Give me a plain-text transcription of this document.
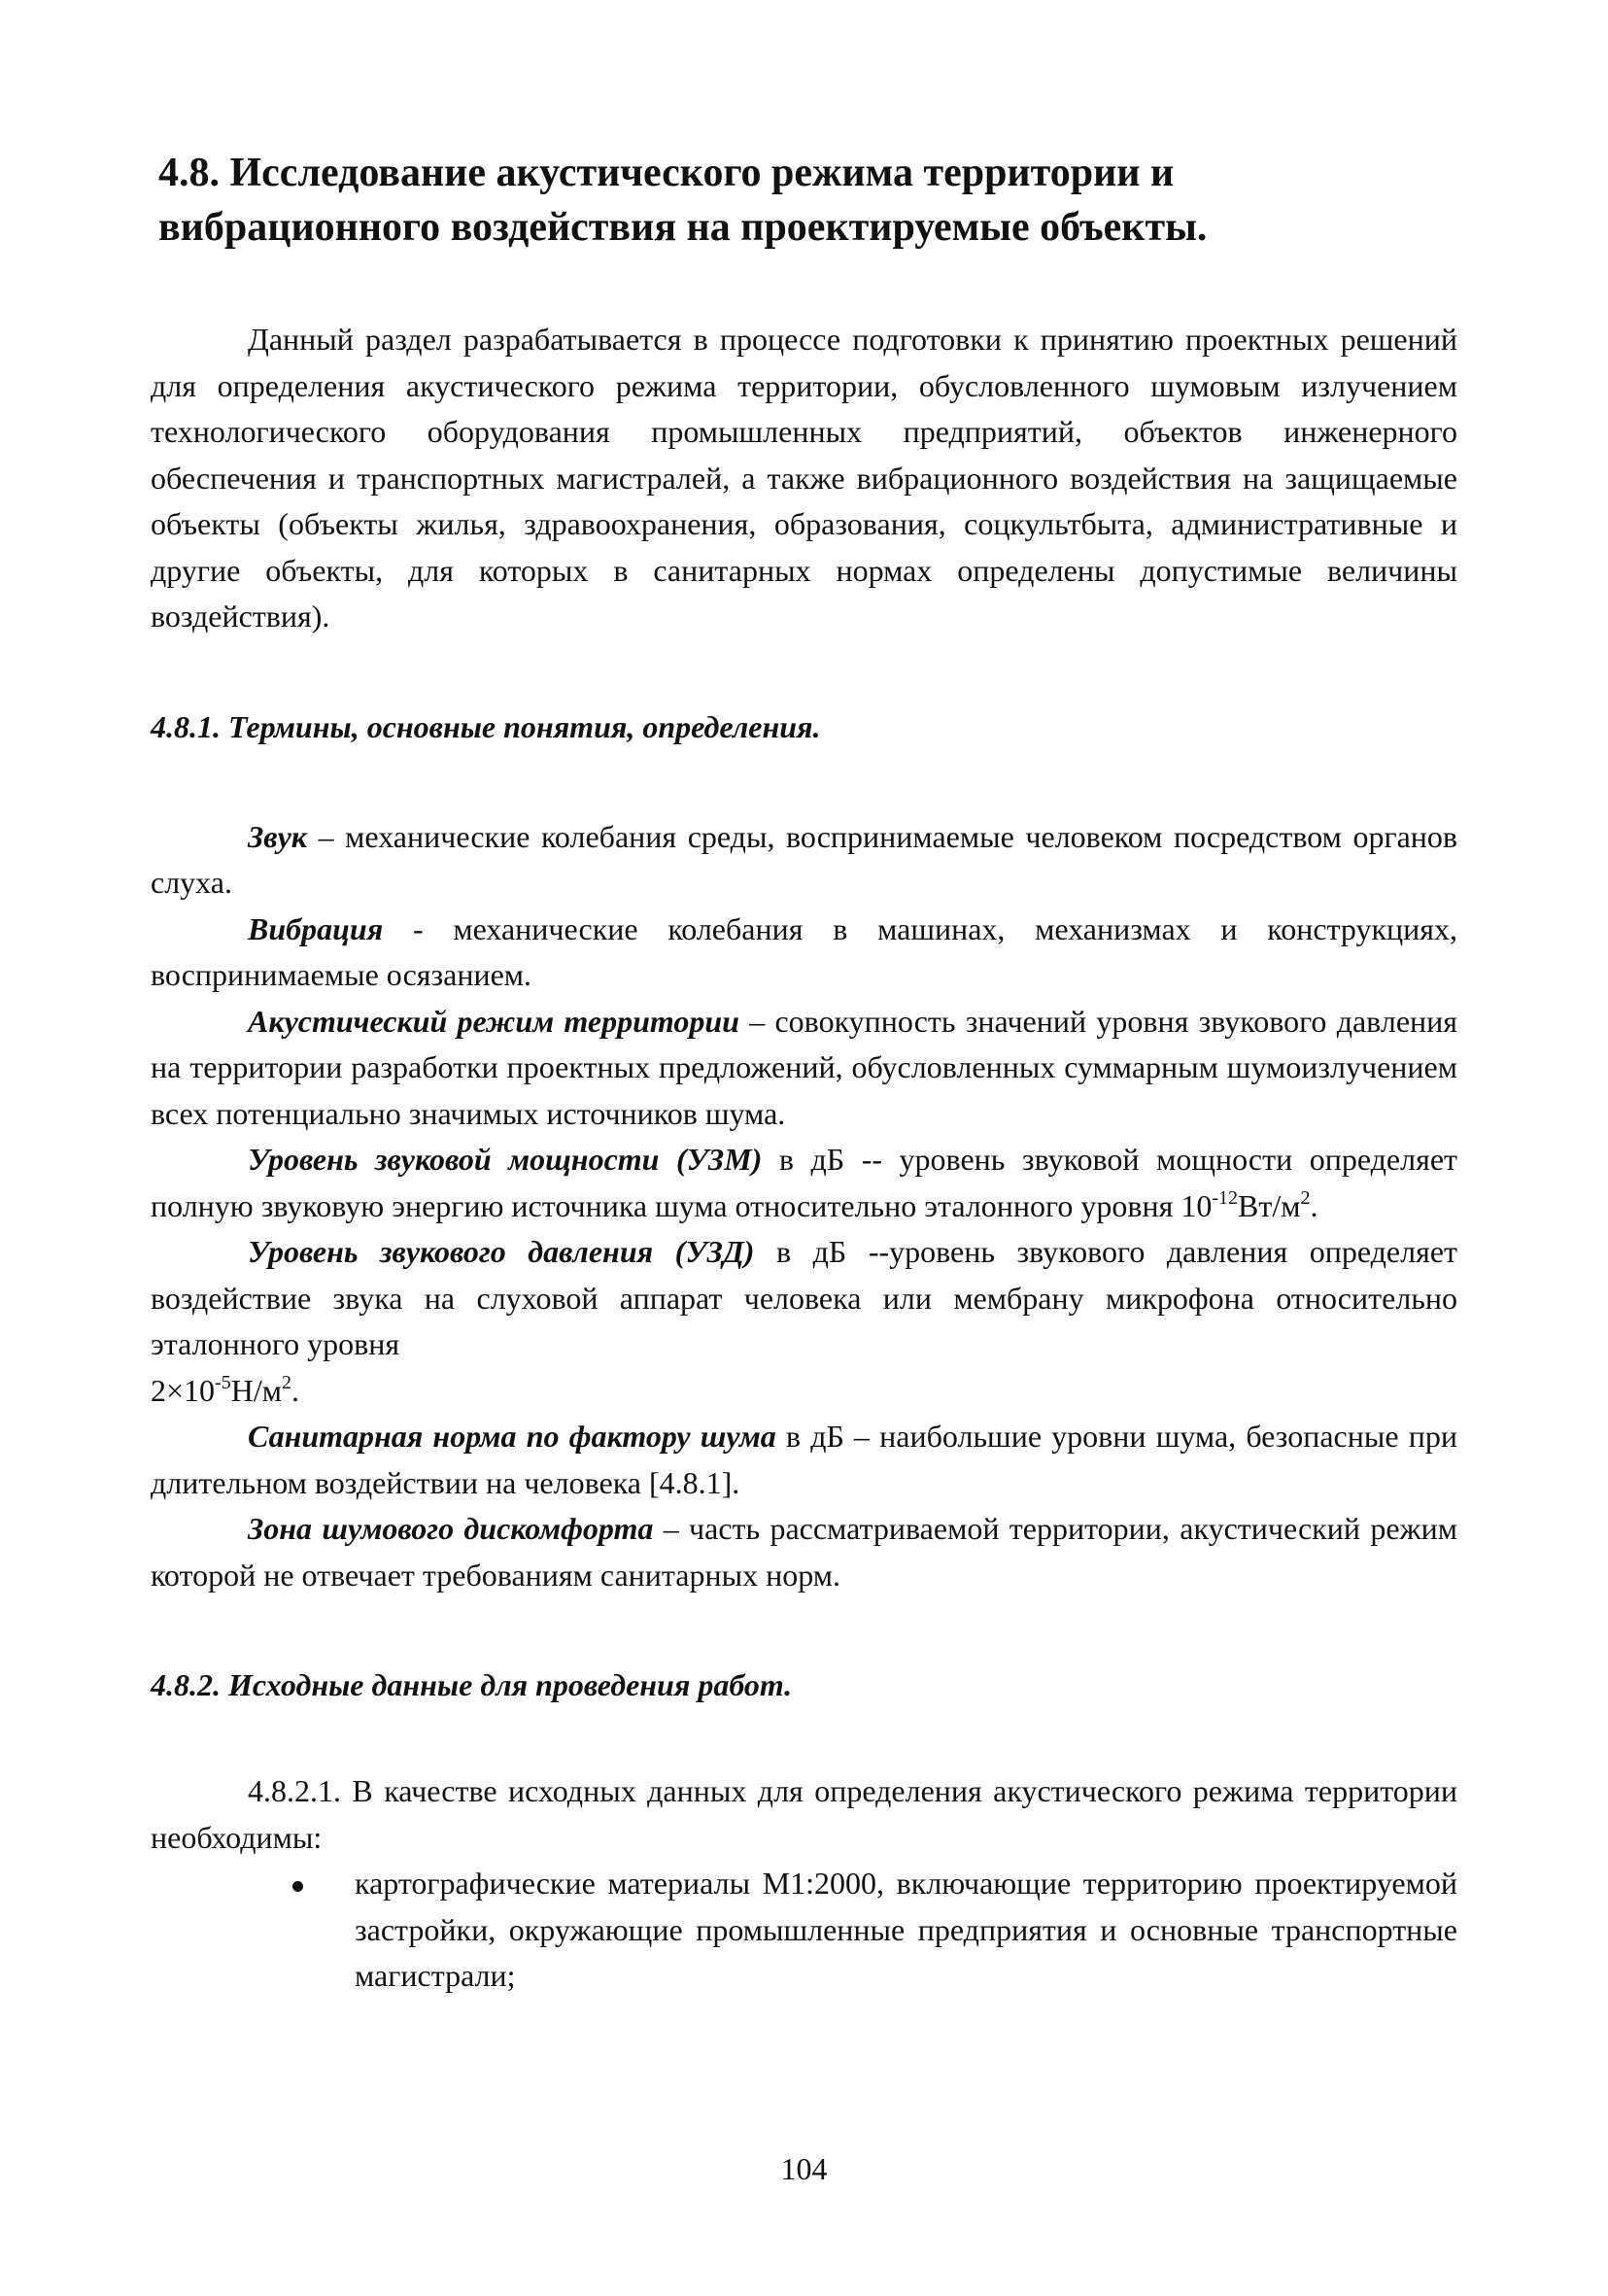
4.8. Исследование акустического режима территории и
вибрационного воздействия на проектируемые объекты.

Данный раздел разрабатывается в процессе подготовки к принятию проектных решений для определения акустического режима территории, обусловленного шумовым излучением технологического оборудования промышленных предприятий, объектов инженерного обеспечения и транспортных магистралей, а также вибрационного воздействия на защищаемые объекты (объекты жилья, здравоохранения, образования, соцкультбыта, административные и другие объекты, для которых в санитарных нормах определены допустимые величины воздействия).

4.8.1. Термины, основные понятия, определения.

Звук – механические колебания среды, воспринимаемые человеком посредством органов слуха.

Вибрация - механические колебания в машинах, механизмах и конструкциях, воспринимаемые осязанием.

Акустический режим территории – совокупность значений уровня звукового давления на территории разработки проектных предложений, обусловленных суммарным шумоизлучением всех потенциально значимых источников шума.

Уровень звуковой мощности (УЗМ) в дБ -- уровень звуковой мощности определяет полную звуковую энергию источника шума относительно эталонного уровня $10^{-12}Вт/м^2$.

Уровень звукового давления (УЗД) в дБ --уровень звукового давления определяет воздействие звука на слуховой аппарат человека или мембрану микрофона относительно эталонного уровня

$2\times 10^{-5}Н/м^2$.

Санитарная норма по фактору шума в дБ – наибольшие уровни шума, безопасные при длительном воздействии на человека [4.8.1].

Зона шумового дискомфорта – часть рассматриваемой территории, акустический режим которой не отвечает требованиям санитарных норм.

4.8.2. Исходные данные для проведения работ.

4.8.2.1. В качестве исходных данных для определения акустического режима территории необходимы:

картографические материалы М1:2000, включающие территорию проектируемой застройки, окружающие промышленные предприятия и основные транспортные магистрали;
104
